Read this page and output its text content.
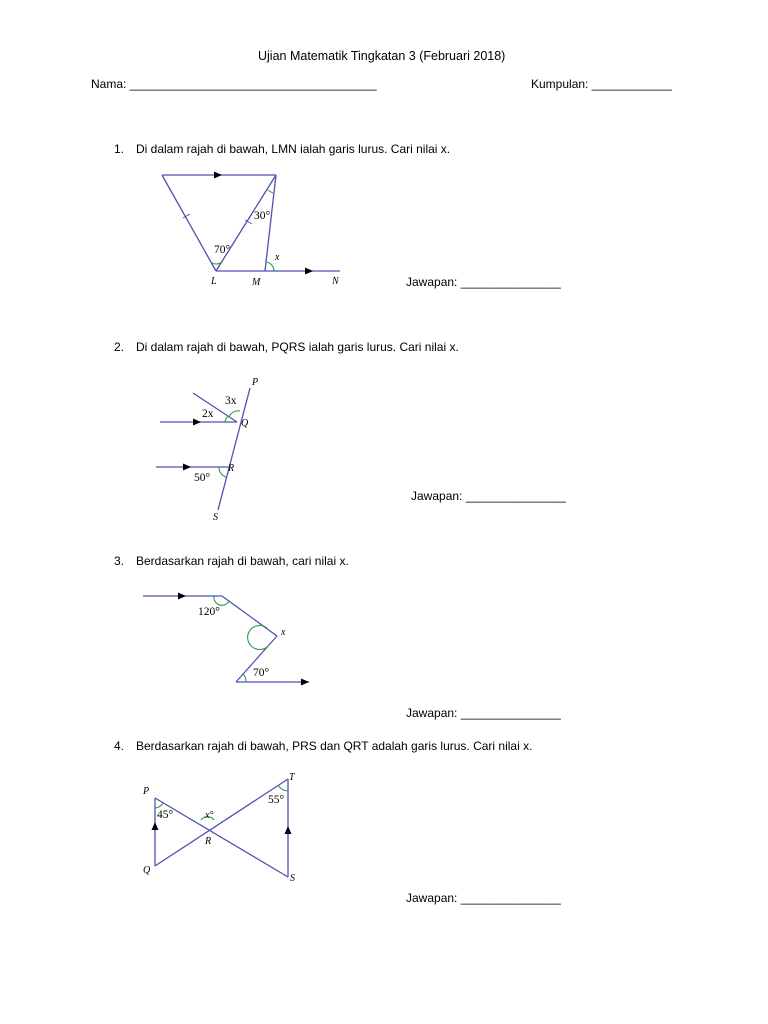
Ujian Matematik Tingkatan 3 (Februari 2018)
Nama: _____________________________________	Kumpulan: ____________
1. Di dalam rajah di bawah, LMN ialah garis lurus. Cari nilai x.
70°
30°
x
L	M	N	Jawapan: _______________
2. Di dalam rajah di bawah, PQRS ialah garis lurus. Cari nilai x.
P
3x
2x
Q
R
50°
S
Jawapan: _______________
3. Berdasarkan rajah di bawah, cari nilai x.
120°
x
70°
Jawapan: _______________
4. Berdasarkan rajah di bawah, PRS dan QRT adalah garis lurus. Cari nilai x.
P
45°	x°
R
Q
T
55°
S
Jawapan: _______________
